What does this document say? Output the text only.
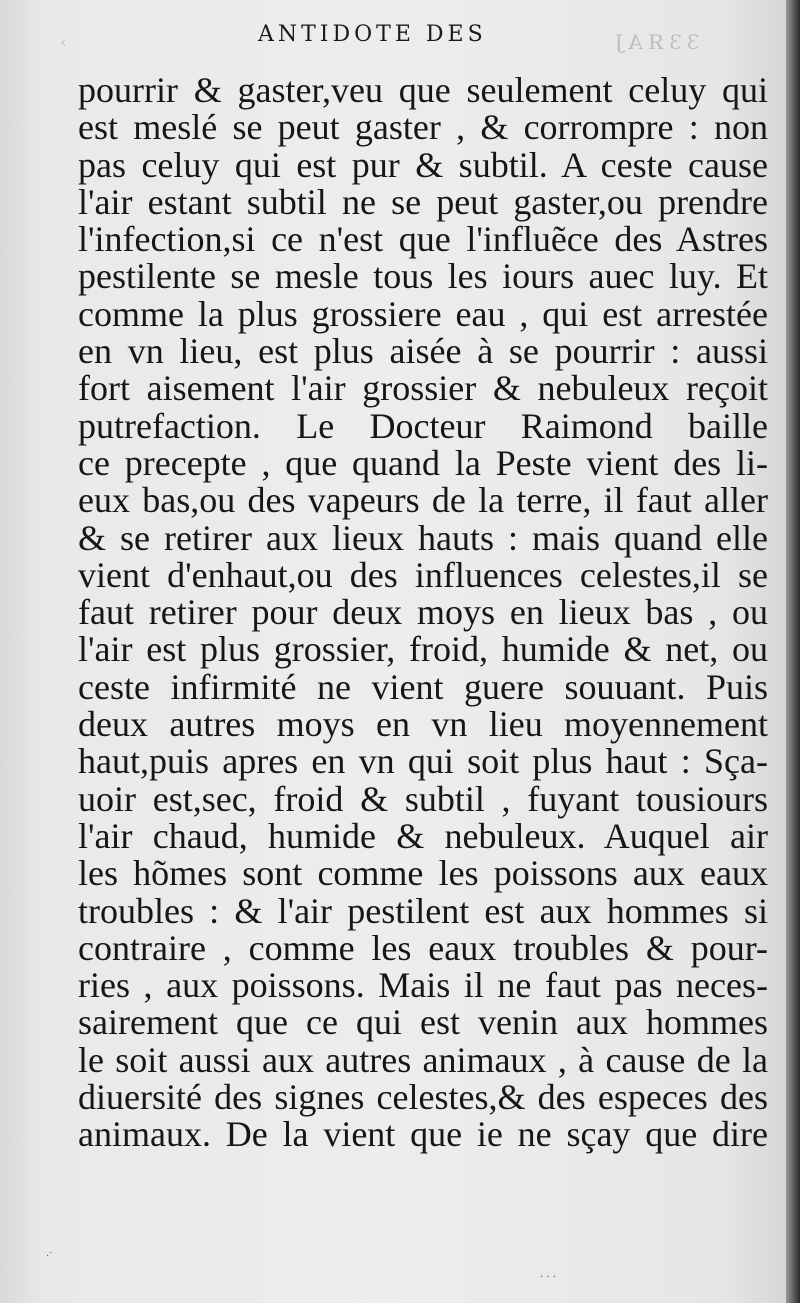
‹	ЗЗЯАЈ
ANTIDOTE DES
pourrir & gaster,veu que seulement celuy qui
est meslé se peut gaster , & corrompre : non
pas celuy qui est pur & subtil. A ceste cause
l'air estant subtil ne se peut gaster,ou prendre
l'infection,si ce n'est que l'influẽce des Astres
pestilente se mesle tous les iours auec luy. Et
comme la plus grossiere eau , qui est arrestée
en vn lieu, est plus aisée à se pourrir : aussi
fort aisement l'air grossier & nebuleux reçoit
putrefaction. Le Docteur Raimond baille
ce precepte , que quand la Peste vient des li-
eux bas,ou des vapeurs de la terre, il faut aller
& se retirer aux lieux hauts : mais quand elle
vient d'enhaut,ou des influences celestes,il se
faut retirer pour deux moys en lieux bas , ou
l'air est plus grossier, froid, humide & net, ou
ceste infirmité ne vient guere souuant. Puis
deux autres moys en vn lieu moyennement
haut,puis apres en vn qui soit plus haut : Sça-
uoir est,sec, froid & subtil , fuyant tousiours
l'air chaud, humide & nebuleux. Auquel air
les hõmes sont comme les poissons aux eaux
troubles : & l'air pestilent est aux hommes si
contraire , comme les eaux troubles & pour-
ries , aux poissons. Mais il ne faut pas neces-
sairement que ce qui est venin aux hommes
le soit aussi aux autres animaux , à cause de la
diuersité des signes celestes,& des especes des
animaux. De la vient que ie ne sçay que dire
.·
· · ·
